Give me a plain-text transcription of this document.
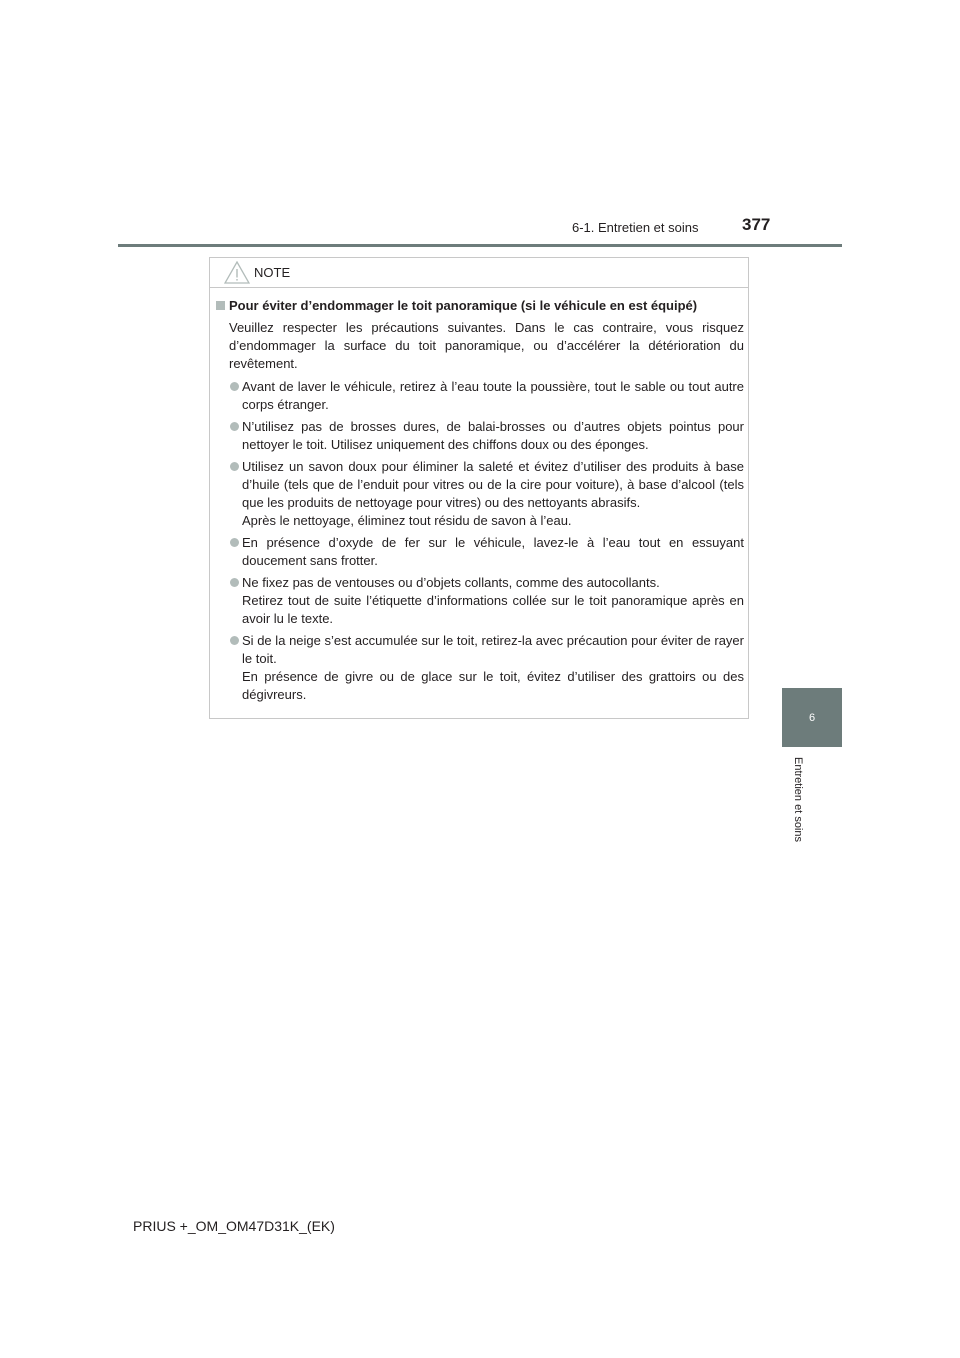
6-1. Entretien et soins	377
6
Entretien et soins
NOTE
Pour éviter d’endommager le toit panoramique (si le véhicule en est équipé)
Veuillez respecter les précautions suivantes. Dans le cas contraire, vous risquez d’endommager la surface du toit panoramique, ou d’accélérer la détérioration du revêtement.
Avant de laver le véhicule, retirez à l’eau toute la poussière, tout le sable ou tout autre corps étranger.
N’utilisez pas de brosses dures, de balai-brosses ou d’autres objets pointus pour nettoyer le toit. Utilisez uniquement des chiffons doux ou des éponges.
Utilisez un savon doux pour éliminer la saleté et évitez d’utiliser des produits à base d’huile (tels que de l’enduit pour vitres ou de la cire pour voiture), à base d’alcool (tels que les produits de nettoyage pour vitres) ou des nettoyants abrasifs.
Après le nettoyage, éliminez tout résidu de savon à l’eau.
En présence d’oxyde de fer sur le véhicule, lavez-le à l’eau tout en essuyant doucement sans frotter.
Ne fixez pas de ventouses ou d’objets collants, comme des autocollants.
Retirez tout de suite l’étiquette d’informations collée sur le toit panoramique après en avoir lu le texte.
Si de la neige s’est accumulée sur le toit, retirez-la avec précaution pour éviter de rayer le toit.
En présence de givre ou de glace sur le toit, évitez d’utiliser des grattoirs ou des dégivreurs.
PRIUS +_OM_OM47D31K_(EK)
